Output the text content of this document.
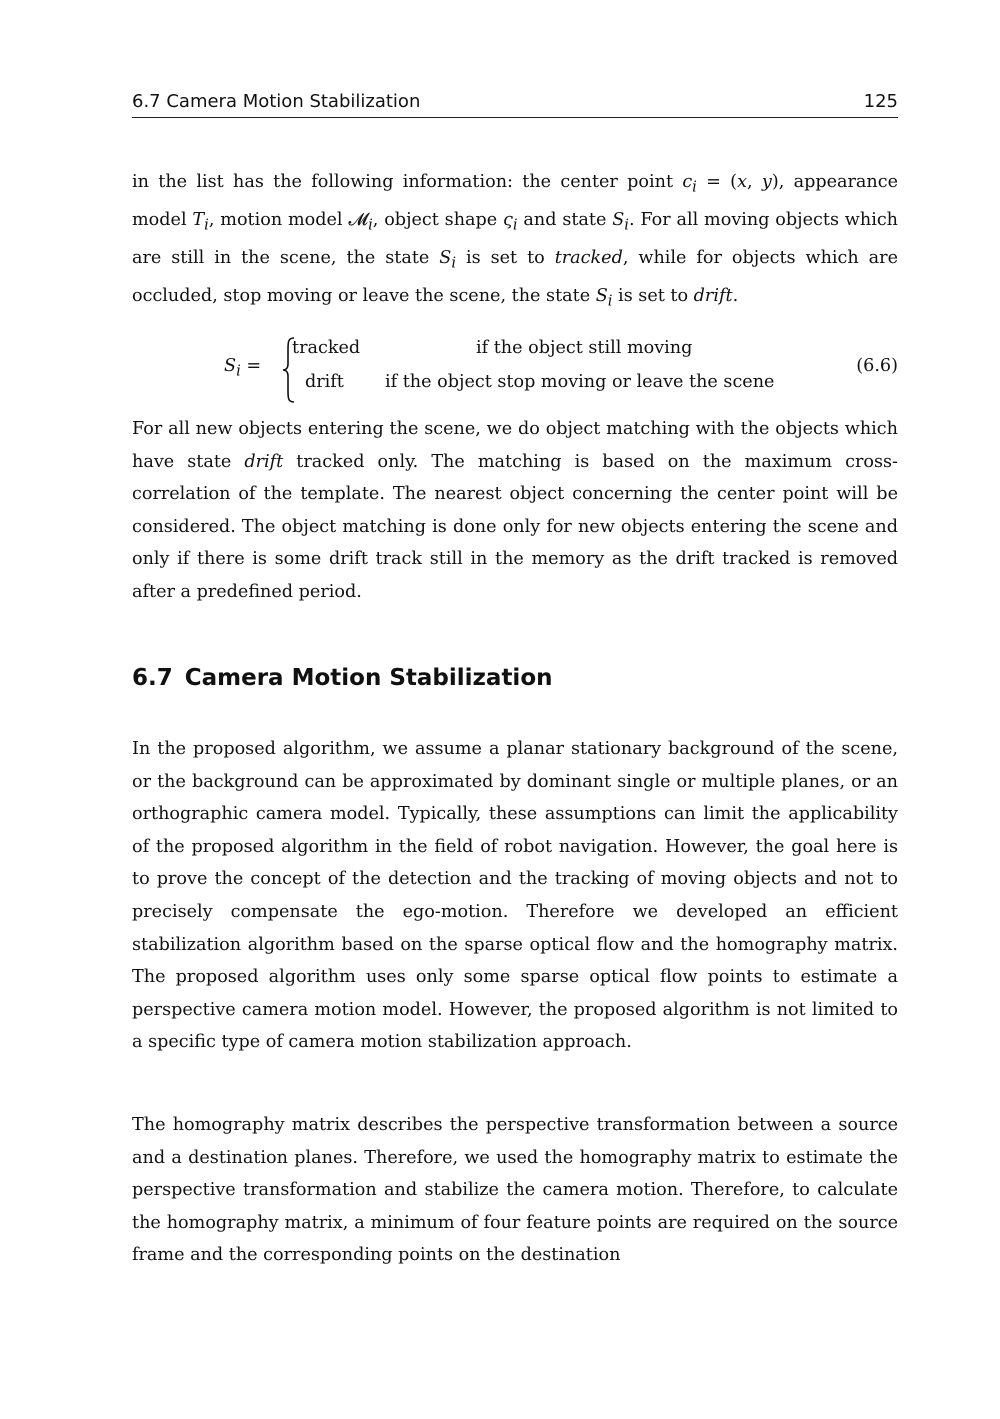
6.7 Camera Motion Stabilization	125

in the list has the following information: the center point $c_i = (x$, y), appearance model $T_i$, motion model 𝓜$_i$, object shape $\varsigma_i$ and state $S_i$. For all moving objects which are still in the scene, the state $S_i$ is set to tracked, while for objects which are occluded, stop moving or leave the scene, the state $S_i$ is set to drift.

$S_i$ =
tracked	if the object still moving
drift if the object stop moving or leave the scene
(6.6)

For all new objects entering the scene, we do object matching with the objects which have state drift tracked only. The matching is based on the maximum cross-correlation of the template. The nearest object concerning the center point will be considered. The object matching is done only for new objects entering the scene and only if there is some drift track still in the memory as the drift tracked is removed after a predefined period.

6.7 Camera Motion Stabilization

In the proposed algorithm, we assume a planar stationary background of the scene, or the background can be approximated by dominant single or multiple planes, or an orthographic camera model. Typically, these assumptions can limit the applicability of the proposed algorithm in the field of robot navigation. However, the goal here is to prove the concept of the detection and the tracking of moving objects and not to precisely compensate the ego-motion. Therefore we developed an efficient stabilization algorithm based on the sparse optical flow and the homography matrix. The proposed algorithm uses only some sparse optical flow points to estimate a perspective camera motion model. However, the proposed algorithm is not limited to a specific type of camera motion stabilization approach.

The homography matrix describes the perspective transformation between a source and a destination planes. Therefore, we used the homography matrix to estimate the perspective transformation and stabilize the camera motion. Therefore, to calculate the homography matrix, a minimum of four feature points are required on the source frame and the corresponding points on the destination
